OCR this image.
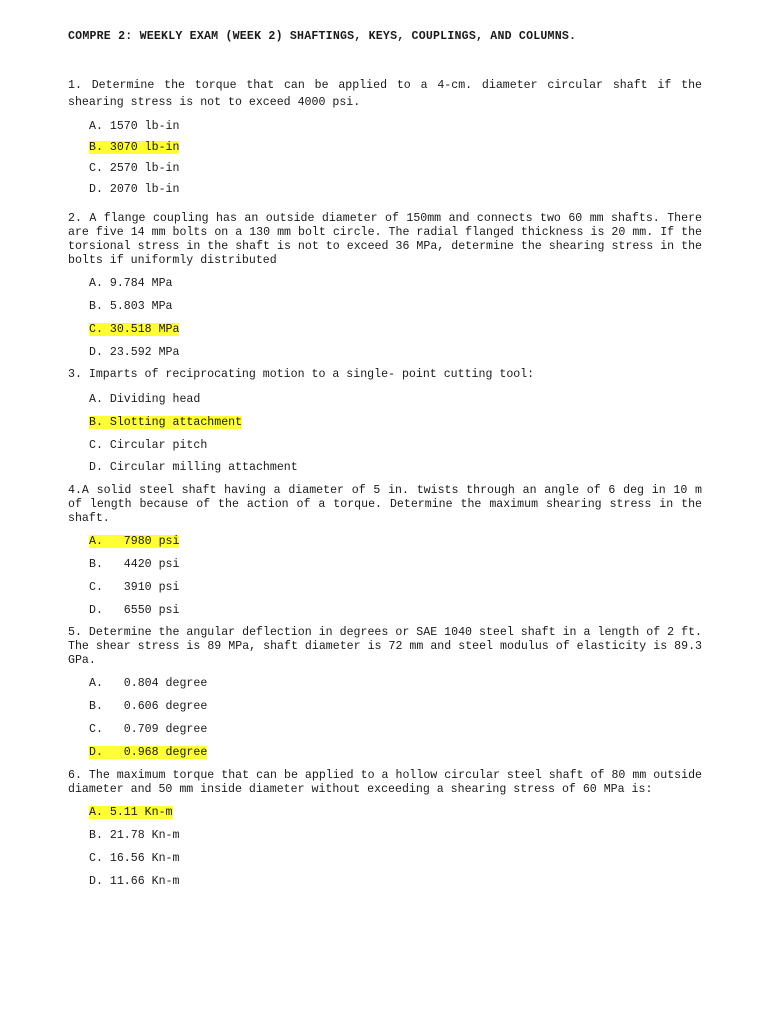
COMPRE 2: WEEKLY EXAM (WEEK 2) SHAFTINGS, KEYS, COUPLINGS, AND COLUMNS.

1. Determine the torque that can be applied to a 4-cm. diameter circular shaft if the shearing stress is not to exceed 4000 psi.

A. 1570 lb-in
B. 3070 lb-in
C. 2570 lb-in
D. 2070 lb-in

2. A flange coupling has an outside diameter of 150mm and connects two 60 mm shafts. There are five 14 mm bolts on a 130 mm bolt circle. The radial flanged thickness is 20 mm. If the torsional stress in the shaft is not to exceed 36 MPa, determine the shearing stress in the bolts if uniformly distributed

A. 9.784 MPa
B. 5.803 MPa
C. 30.518 MPa
D. 23.592 MPa

3. Imparts of reciprocating motion to a single- point cutting tool:

A. Dividing head
B. Slotting attachment
C. Circular pitch
D. Circular milling attachment

4.A solid steel shaft having a diameter of 5 in. twists through an angle of 6 deg in 10 m of length because of the action of a torque. Determine the maximum shearing stress in the shaft.

A.   7980 psi
B.   4420 psi
C.   3910 psi
D.   6550 psi

5. Determine the angular deflection in degrees or SAE 1040 steel shaft in a length of 2 ft. The shear stress is 89 MPa, shaft diameter is 72 mm and steel modulus of elasticity is 89.3 GPa.

A.   0.804 degree
B.   0.606 degree
C.   0.709 degree
D.   0.968 degree

6. The maximum torque that can be applied to a hollow circular steel shaft of 80 mm outside diameter and 50 mm inside diameter without exceeding a shearing stress of 60 MPa is:

A. 5.11 Kn-m
B. 21.78 Kn-m
C. 16.56 Kn-m
D. 11.66 Kn-m
